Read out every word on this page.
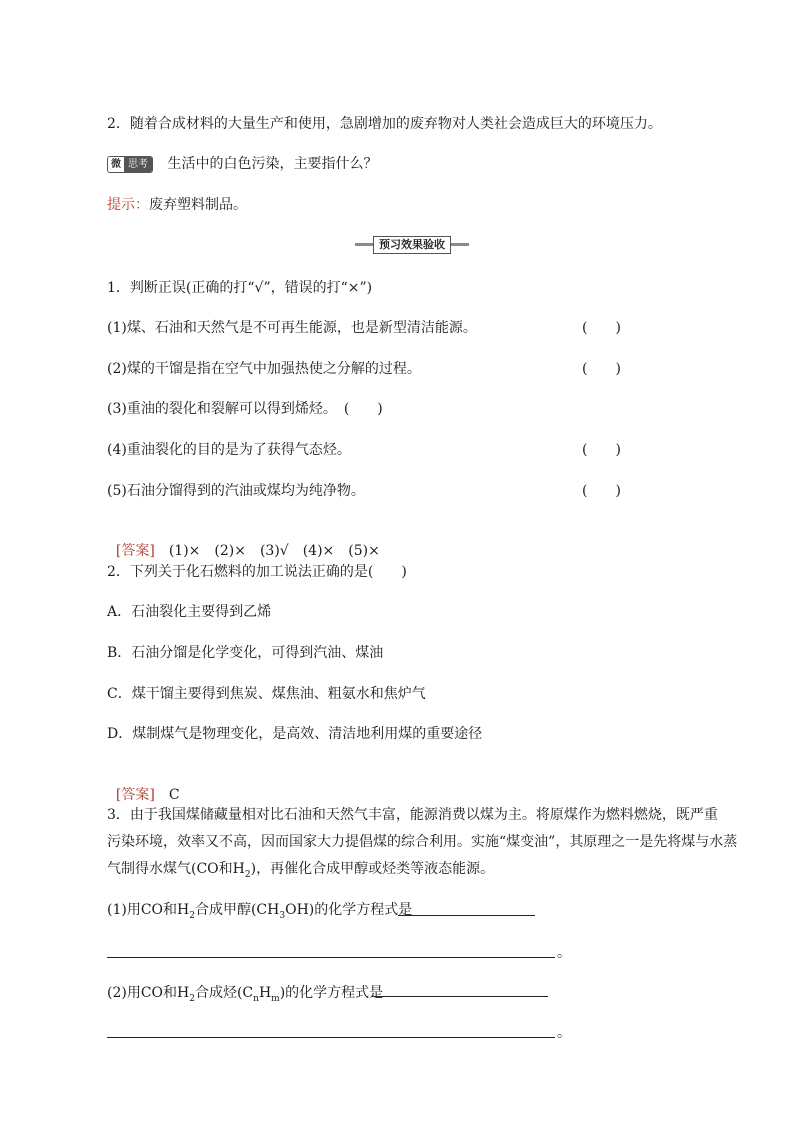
2．随着合成材料的大量生产和使用，急剧增加的废弃物对人类社会造成巨大的环境压力。
微 思考 生活中的白色污染，主要指什么？
提示：废弃塑料制品。
预习效果验收
1．判断正误(正确的打“√”，错误的打“×”)
(1)煤、石油和天然气是不可再生能源，也是新型清洁能源。	(　　)
(2)煤的干馏是指在空气中加强热使之分解的过程。	(　　)
(3)重油的裂化和裂解可以得到烯烃。　(　　)
(4)重油裂化的目的是为了获得气态烃。	(　　)
(5)石油分馏得到的汽油或煤均为纯净物。	(　　)

[答案] (1)×　(2)×　(3)√　(4)×　(5)×

2．下列关于化石燃料的加工说法正确的是(　　)
A．石油裂化主要得到乙烯
B．石油分馏是化学变化，可得到汽油、煤油
C．煤干馏主要得到焦炭、煤焦油、粗氨水和焦炉气
D．煤制煤气是物理变化，是高效、清洁地利用煤的重要途径

[答案] C

3．由于我国煤储藏量相对比石油和天然气丰富，能源消费以煤为主。将原煤作为燃料燃烧，既严重
污染环境，效率又不高，因而国家大力提倡煤的综合利用。实施“煤变油”，其原理之一是先将煤与水蒸
气制得水煤气(CO和$H_2$)，再催化合成甲醇或烃类等液态能源。
(1)用CO和$H_2$合成甲醇$(CH_3OH)$的化学方程式是
。
(2)用CO和$H_2$合成烃$(C_nH_m)$的化学方程式是
。
